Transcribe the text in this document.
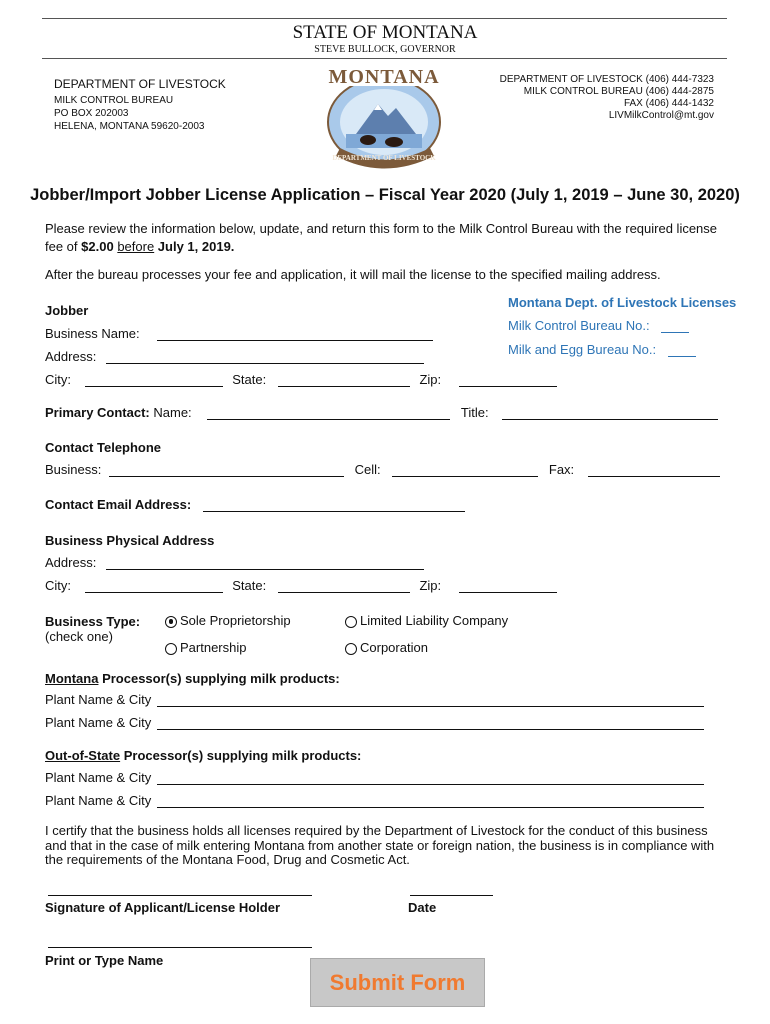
STATE OF MONTANA
STEVE BULLOCK, GOVERNOR
DEPARTMENT OF LIVESTOCK
MILK CONTROL BUREAU
PO BOX 202003
HELENA, MONTANA 59620-2003
DEPARTMENT OF LIVESTOCK (406) 444-7323
MILK CONTROL BUREAU (406) 444-2875
FAX (406) 444-1432
LIVMilkControl@mt.gov
DEPARTMENT OF LIVESTOCK
MONTANA
Jobber/Import Jobber License Application – Fiscal Year 2020 (July 1, 2019 – June 30, 2020)
Please review the information below, update, and return this form to the Milk Control Bureau with the required license fee of $2.00 before July 1, 2019.
After the bureau processes your fee and application, it will mail the license to the specified mailing address.
Montana Dept. of Livestock Licenses
Milk Control Bureau No.:
Milk and Egg Bureau No.:
Jobber
Business Name:
Address:
City:	State:	Zip:
Primary Contact: Name:	Title:
Contact Telephone
Business:	Cell:	Fax:
Contact Email Address:
Business Physical Address
Address:
City:	State:	Zip:
Business Type:
(check one)
Sole Proprietorship	Limited Liability Company
Partnership	Corporation
Montana Processor(s) supplying milk products:
Plant Name & City
Plant Name & City
Out-of-State Processor(s) supplying milk products:
Plant Name & City
Plant Name & City
I certify that the business holds all licenses required by the Department of Livestock for the conduct of this business and that in the case of milk entering Montana from another state or foreign nation, the business is in compliance with the requirements of the Montana Food, Drug and Cosmetic Act.
Signature of Applicant/License Holder	Date
Print or Type Name
Submit Form
